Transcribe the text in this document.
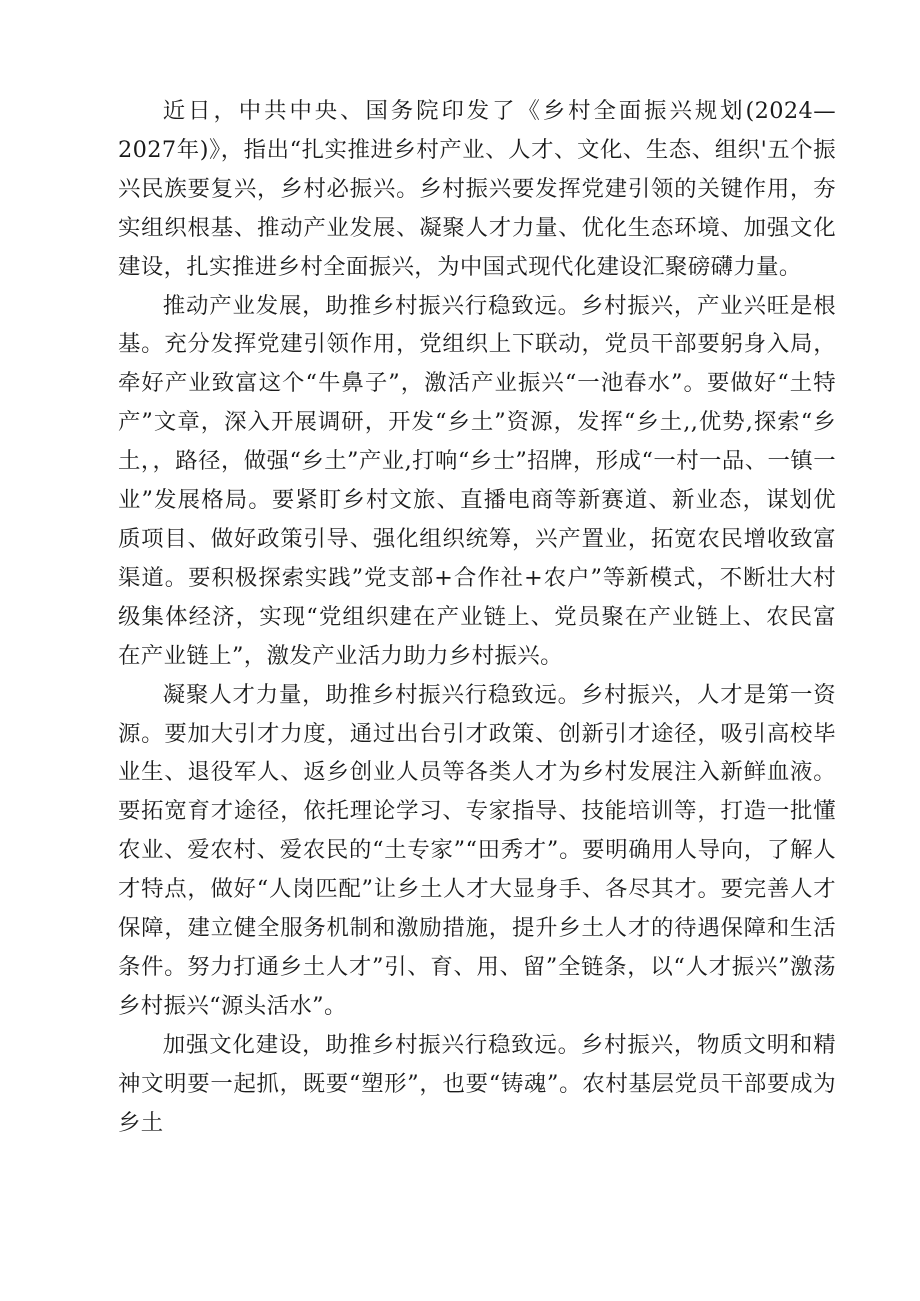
近日，中共中央、国务院印发了《乡村全面振兴规划(2024—2027年)》，指出“扎实推进乡村产业、人才、文化、生态、组织'五个振兴民族要复兴，乡村必振兴。乡村振兴要发挥党建引领的关键作用，夯实组织根基、推动产业发展、凝聚人才力量、优化生态环境、加强文化建设，扎实推进乡村全面振兴，为中国式现代化建设汇聚磅礴力量。

推动产业发展，助推乡村振兴行稳致远。乡村振兴，产业兴旺是根基。充分发挥党建引领作用，党组织上下联动，党员干部要躬身入局，牵好产业致富这个“牛鼻子”，激活产业振兴“一池春水”。要做好“土特产”文章，深入开展调研，开发“乡土”资源，发挥“乡土,,优势,探索“乡土，，路径，做强“乡土”产业,打响“乡士”招牌，形成“一村一品、一镇一业”发展格局。要紧盯乡村文旅、直播电商等新赛道、新业态，谋划优质项目、做好政策引导、强化组织统筹，兴产置业，拓宽农民增收致富渠道。要积极探索实践”党支部+合作社+农户”等新模式，不断壮大村级集体经济，实现“党组织建在产业链上、党员聚在产业链上、农民富在产业链上”，激发产业活力助力乡村振兴。

凝聚人才力量，助推乡村振兴行稳致远。乡村振兴，人才是第一资源。要加大引才力度，通过出台引才政策、创新引才途径，吸引高校毕业生、退役军人、返乡创业人员等各类人才为乡村发展注入新鲜血液。要拓宽育才途径，依托理论学习、专家指导、技能培训等，打造一批懂农业、爱农村、爱农民的“土专家”“田秀才”。要明确用人导向，了解人才特点，做好“人岗匹配”让乡土人才大显身手、各尽其才。要完善人才保障，建立健全服务机制和激励措施，提升乡土人才的待遇保障和生活条件。努力打通乡土人才”引、育、用、留”全链条，以“人才振兴”激荡乡村振兴“源头活水”。

加强文化建设，助推乡村振兴行稳致远。乡村振兴，物质文明和精神文明要一起抓，既要“塑形”，也要“铸魂”。农村基层党员干部要成为乡土
